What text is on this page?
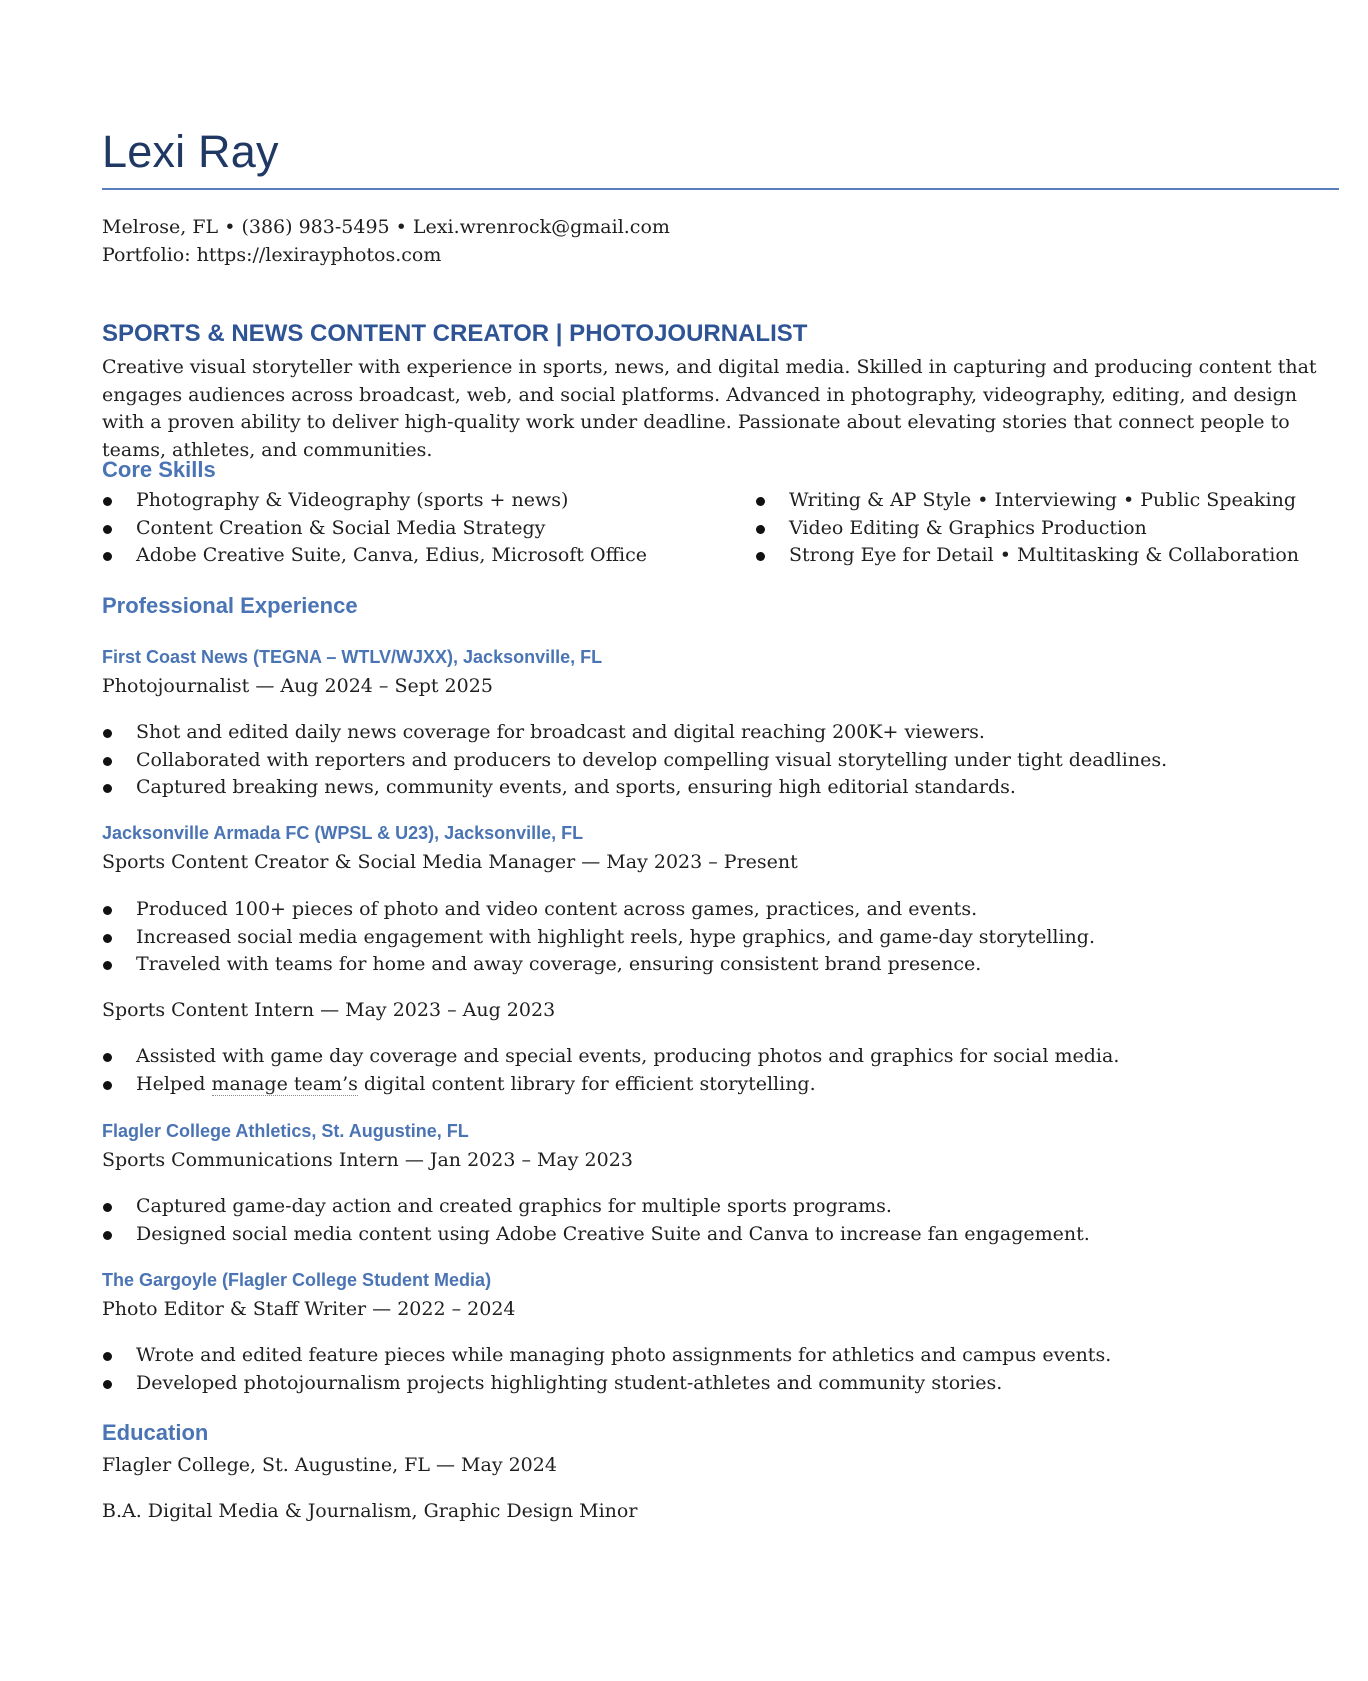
Lexi Ray
Melrose, FL • (386) 983-5495 • Lexi.wrenrock@gmail.com
Portfolio: https://lexirayphotos.com
SPORTS & NEWS CONTENT CREATOR | PHOTOJOURNALIST

Creative visual storyteller with experience in sports, news, and digital media. Skilled in capturing and producing content that engages audiences across broadcast, web, and social platforms. Advanced in photography, videography, editing, and design with a proven ability to deliver high-quality work under deadline. Passionate about elevating stories that connect people to teams, athletes, and communities.

Core Skills
Photography & Videography (sports + news)
Content Creation & Social Media Strategy
Adobe Creative Suite, Canva, Edius, Microsoft Office
Writing & AP Style • Interviewing • Public Speaking
Video Editing & Graphics Production
Strong Eye for Detail • Multitasking & Collaboration
Professional Experience
First Coast News (TEGNA – WTLV/WJXX), Jacksonville, FL
Photojournalist — Aug 2024 – Sept 2025
Shot and edited daily news coverage for broadcast and digital reaching 200K+ viewers.
Collaborated with reporters and producers to develop compelling visual storytelling under tight deadlines.
Captured breaking news, community events, and sports, ensuring high editorial standards.
Jacksonville Armada FC (WPSL & U23), Jacksonville, FL
Sports Content Creator & Social Media Manager — May 2023 – Present
Produced 100+ pieces of photo and video content across games, practices, and events.
Increased social media engagement with highlight reels, hype graphics, and game-day storytelling.
Traveled with teams for home and away coverage, ensuring consistent brand presence.
Sports Content Intern — May 2023 – Aug 2023
Assisted with game day coverage and special events, producing photos and graphics for social media.
Helped manage team’s digital content library for efficient storytelling.
Flagler College Athletics, St. Augustine, FL
Sports Communications Intern — Jan 2023 – May 2023
Captured game-day action and created graphics for multiple sports programs.
Designed social media content using Adobe Creative Suite and Canva to increase fan engagement.
The Gargoyle (Flagler College Student Media)
Photo Editor & Staff Writer — 2022 – 2024
Wrote and edited feature pieces while managing photo assignments for athletics and campus events.
Developed photojournalism projects highlighting student-athletes and community stories.
Education
Flagler College, St. Augustine, FL — May 2024
B.A. Digital Media & Journalism, Graphic Design Minor
